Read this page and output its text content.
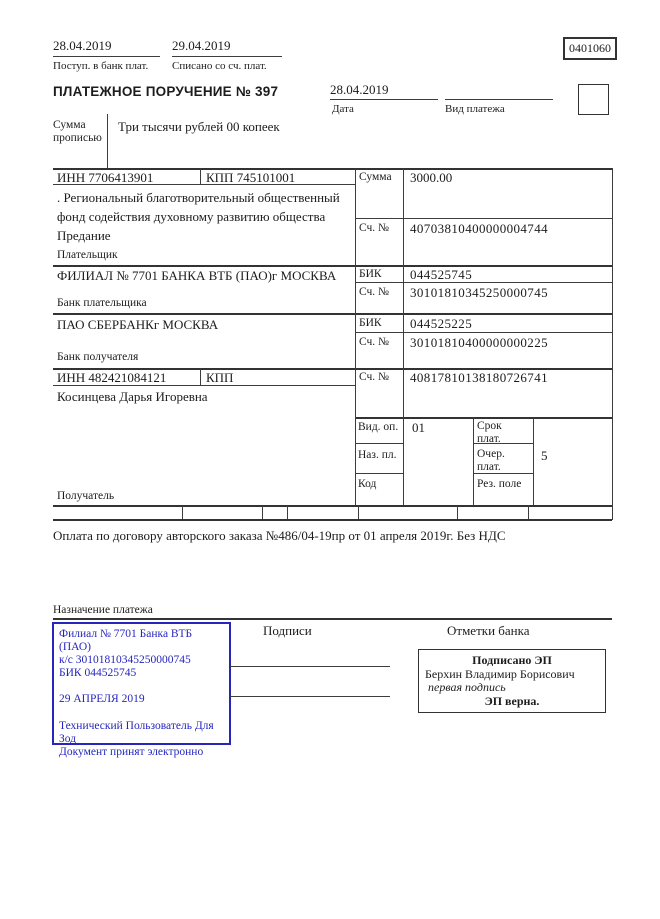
28.04.2019
Поступ. в банк плат.
29.04.2019
Списано со сч. плат.
0401060
ПЛАТЕЖНОЕ ПОРУЧЕНИЕ № 397	28.04.2019
Дата	Вид платежа
Сумма прописью
Три тысячи рублей 00 копеек
ИНН 7706413901	КПП 745101001
. Региональный благотворительный общественный фонд содействия духовному развитию общества Предание
Плательщик
ФИЛИАЛ № 7701 БАНКА ВТБ (ПАО)г МОСКВА
Банк плательщика
ПАО СБЕРБАНКг МОСКВА
Банк получателя
ИНН 482421084121	КПП
Косинцева Дарья Игоревна
Получатель
Сумма 3000.00
Сч. № 40703810400000004744
БИК 044525745
Сч. № 30101810345250000745
БИК 044525225
Сч. № 30101810400000000225
Сч. № 40817810138180726741
Вид. оп. 01	Срок плат.
Наз. пл.	Очер. плат.
5
Код	Рез. поле
Оплата по договору авторского заказа №486/04-19пр от 01 апреля 2019г. Без НДС
Назначение платежа
Филиал № 7701 Банка ВТБ (ПАО)
к/с 30101810345250000745
БИК 044525745
29 АПРЕЛЯ 2019
Технический Пользователь Для Зод
Документ принят электронно
Подписи	Отметки банка
Подписано ЭП
Берхин Владимир Борисович
первая подпись
ЭП верна.
